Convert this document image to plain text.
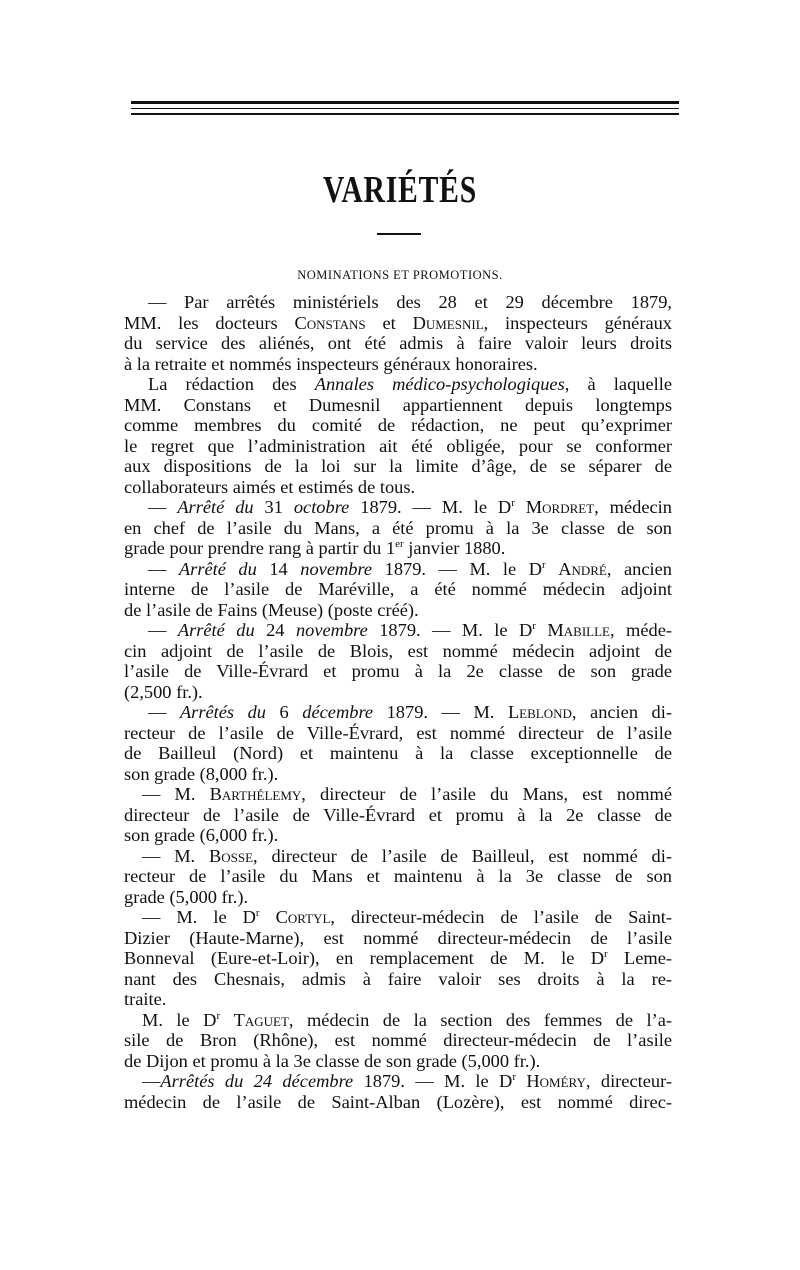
VARIÉTÉS
NOMINATIONS ET PROMOTIONS.
— Par arrêtés ministériels des 28 et 29 décembre 1879,
MM. les docteurs Constans et Dumesnil, inspecteurs généraux
du service des aliénés, ont été admis à faire valoir leurs droits
à la retraite et nommés inspecteurs généraux honoraires.
La rédaction des Annales médico-psychologiques, à laquelle
MM. Constans et Dumesnil appartiennent depuis longtemps
comme membres du comité de rédaction, ne peut qu’exprimer
le regret que l’administration ait été obligée, pour se conformer
aux dispositions de la loi sur la limite d’âge, de se séparer de
collaborateurs aimés et estimés de tous.
— Arrêté du 31 octobre 1879. — M. le $D^r$ Mordret, médecin
en chef de l’asile du Mans, a été promu à la 3e classe de son
grade pour prendre rang à partir du 1er janvier 1880.
— Arrêté du 14 novembre 1879. — M. le $D^r$ André, ancien
interne de l’asile de Maréville, a été nommé médecin adjoint
de l’asile de Fains (Meuse) (poste créé).
— Arrêté du 24 novembre 1879. — M. le $D^r$ Mabille, méde-
cin adjoint de l’asile de Blois, est nommé médecin adjoint de
l’asile de Ville-Évrard et promu à la 2e classe de son grade
(2,500 fr.).
— Arrêtés du 6 décembre 1879. — M. Leblond, ancien di-
recteur de l’asile de Ville-Évrard, est nommé directeur de l’asile
de Bailleul (Nord) et maintenu à la classe exceptionnelle de
son grade (8,000 fr.).
— M. Barthélemy, directeur de l’asile du Mans, est nommé
directeur de l’asile de Ville-Évrard et promu à la 2e classe de
son grade (6,000 fr.).
— M. Bosse, directeur de l’asile de Bailleul, est nommé di-
recteur de l’asile du Mans et maintenu à la 3e classe de son
grade (5,000 fr.).
— M. le $D^r$ Cortyl, directeur-médecin de l’asile de Saint-
Dizier (Haute-Marne), est nommé directeur-médecin de l’asile
Bonneval (Eure-et-Loir), en remplacement de M. le $D^r$ Leme-
nant des Chesnais, admis à faire valoir ses droits à la re-
traite.
M. le $D^r$ Taguet, médecin de la section des femmes de l’a-
sile de Bron (Rhône), est nommé directeur-médecin de l’asile
de Dijon et promu à la 3e classe de son grade (5,000 fr.).
—Arrêtés du 24 décembre 1879. — M. le $D^r$ Homéry, directeur-
médecin de l’asile de Saint-Alban (Lozère), est nommé direc-
